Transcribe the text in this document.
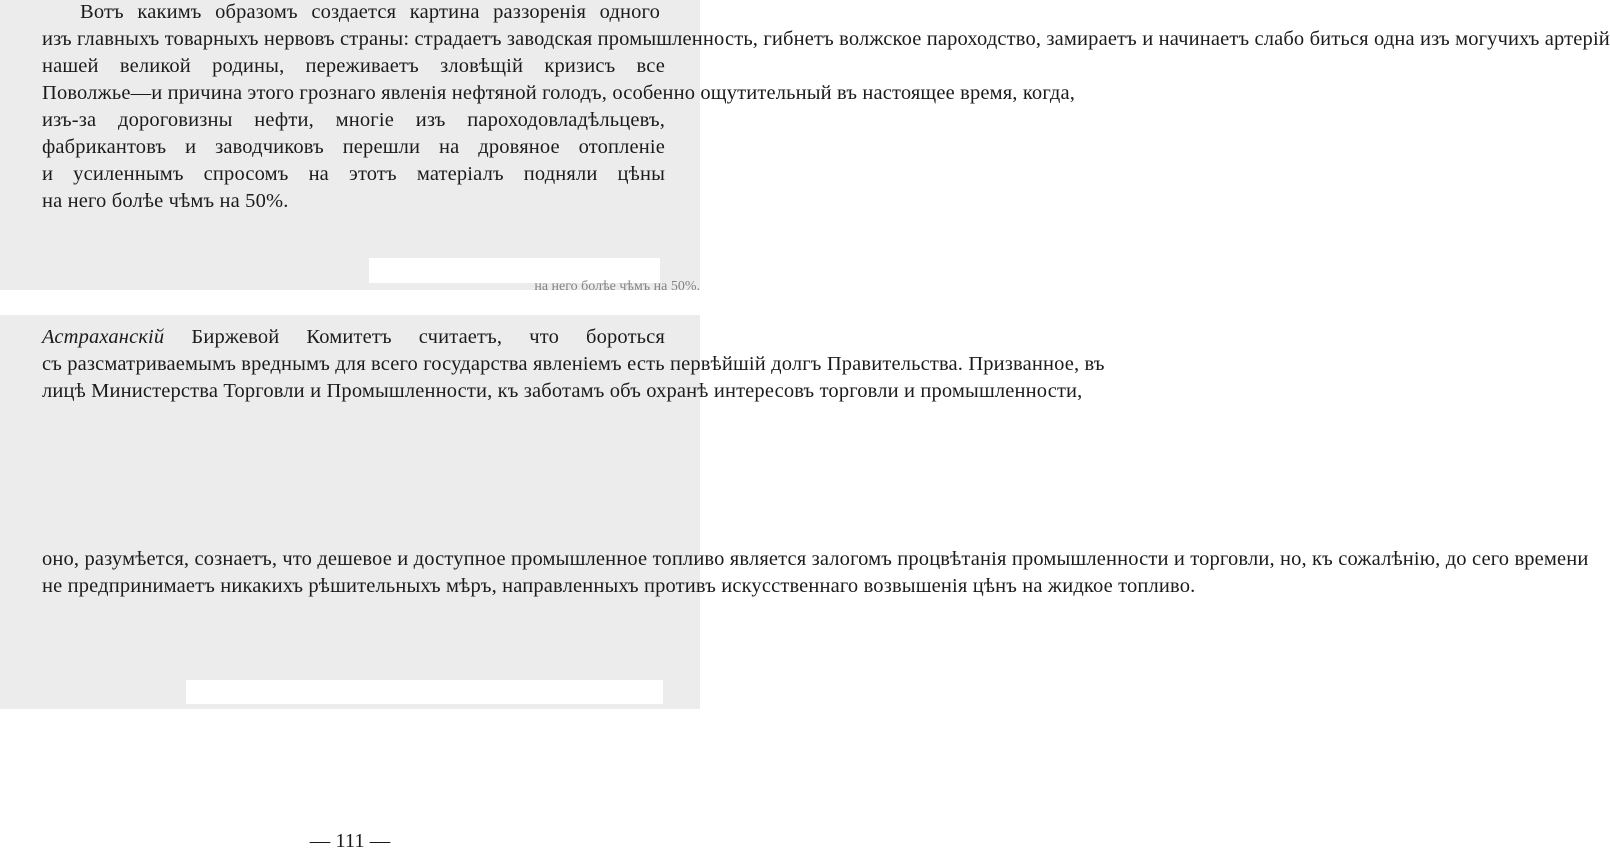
Вотъ какимъ образомъ создается картина раззоренія одного
изъ главныхъ товарныхъ нервовъ страны: страдаетъ заводская промышленность, гибнетъ волжское пароходство, замираетъ и начинаетъ слабо биться одна изъ могучихъ артерій
нашей великой родины, переживаетъ зловѣщій кризисъ все
Поволжье—и причина этого грознаго явленія нефтяной голодъ, особенно ощутительный въ настоящее время, когда,
изъ-за дороговизны нефти, многіе изъ пароходовладѣльцевъ,
фабрикантовъ и заводчиковъ перешли на дровяное отопленіе
и усиленнымъ спросомъ на этотъ матеріалъ подняли цѣны
на него болѣе чѣмъ на 50%.
на него болѣе чѣмъ на 50%.
Астраханскій Биржевой Комитетъ считаетъ, что бороться
съ разсматриваемымъ вреднымъ для всего государства явленіемъ есть первѣйшій долгъ Правительства. Призванное, въ
лицѣ Министерства Торговли и Промышленности, къ заботамъ объ охранѣ интересовъ торговли и промышленности,
— 111 —
оно, разумѣется, сознаетъ, что дешевое и доступное промышленное топливо является залогомъ процвѣтанія промышленности и торговли, но, къ сожалѣнію, до сего времени
не предпринимаетъ никакихъ рѣшительныхъ мѣръ, направленныхъ противъ искусственнаго возвышенія цѣнъ на жидкое топливо.
